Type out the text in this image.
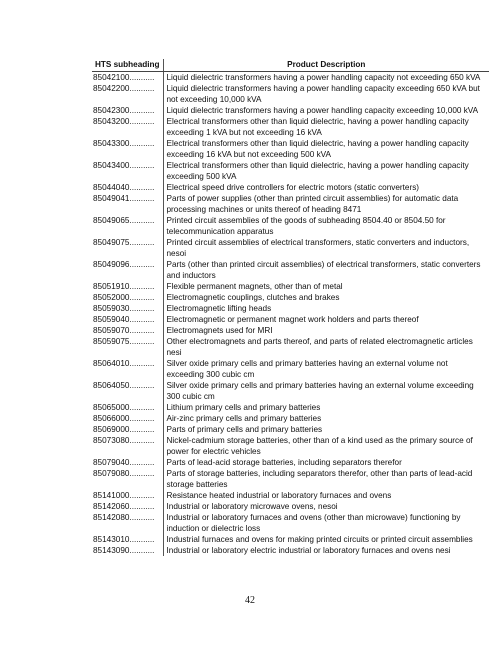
HTS subheading	Product Description
85042100...........	Liquid dielectric transformers having a power handling capacity not exceeding 650 kVA
85042200...........	Liquid dielectric transformers having a power handling capacity exceeding 650 kVA but not exceeding 10,000 kVA
85042300...........	Liquid dielectric transformers having a power handling capacity exceeding 10,000 kVA
85043200...........	Electrical transformers other than liquid dielectric, having a power handling capacity exceeding 1 kVA but not exceeding 16 kVA
85043300...........	Electrical transformers other than liquid dielectric, having a power handling capacity exceeding 16 kVA but not exceeding 500 kVA
85043400...........	Electrical transformers other than liquid dielectric, having a power handling capacity exceeding 500 kVA
85044040...........	Electrical speed drive controllers for electric motors (static converters)
85049041...........	Parts of power supplies (other than printed circuit assemblies) for automatic data processing machines or units thereof of heading 8471
85049065...........	Printed circuit assemblies of the goods of subheading 8504.40 or 8504.50 for telecommunication apparatus
85049075...........	Printed circuit assemblies of electrical transformers, static converters and inductors, nesoi
85049096...........	Parts (other than printed circuit assemblies) of electrical transformers, static converters and inductors
85051910...........	Flexible permanent magnets, other than of metal
85052000...........	Electromagnetic couplings, clutches and brakes
85059030...........	Electromagnetic lifting heads
85059040...........	Electromagnetic or permanent magnet work holders and parts thereof
85059070...........	Electromagnets used for MRI
85059075...........	Other electromagnets and parts thereof, and parts of related electromagnetic articles nesi
85064010...........	Silver oxide primary cells and primary batteries having an external volume not exceeding 300 cubic cm
85064050...........	Silver oxide primary cells and primary batteries having an external volume exceeding 300 cubic cm
85065000...........	Lithium primary cells and primary batteries
85066000...........	Air-zinc primary cells and primary batteries
85069000...........	Parts of primary cells and primary batteries
85073080...........	Nickel-cadmium storage batteries, other than of a kind used as the primary source of power for electric vehicles
85079040...........	Parts of lead-acid storage batteries, including separators therefor
85079080...........	Parts of storage batteries, including separators therefor, other than parts of lead-acid storage batteries
85141000...........	Resistance heated industrial or laboratory furnaces and ovens
85142060...........	Industrial or laboratory microwave ovens, nesoi
85142080...........	Industrial or laboratory furnaces and ovens (other than microwave) functioning by induction or dielectric loss
85143010...........	Industrial furnaces and ovens for making printed circuits or printed circuit assemblies
85143090...........	Industrial or laboratory electric industrial or laboratory furnaces and ovens nesi
42
